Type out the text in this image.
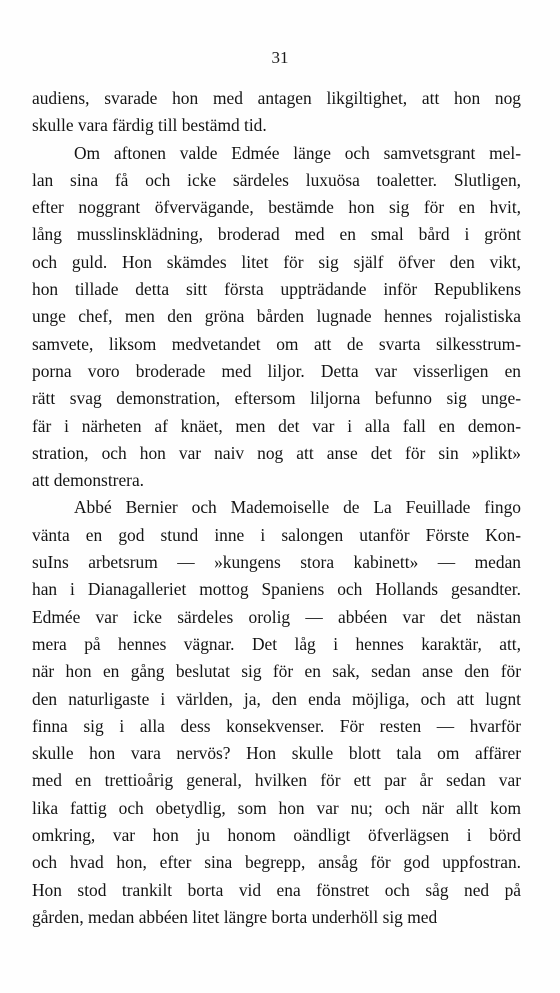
31
audiens, svarade hon med antagen likgiltighet, att hon nog
skulle vara färdig till bestämd tid.
Om aftonen valde Edmée länge och samvetsgrant mel-
lan sina få och icke särdeles luxuösa toaletter. Slutligen,
efter noggrant öfvervägande, bestämde hon sig för en hvit,
lång musslinsklädning, broderad med en smal bård i grönt
och guld. Hon skämdes litet för sig själf öfver den vikt,
hon tillade detta sitt första uppträdande inför Republikens
unge chef, men den gröna bården lugnade hennes rojalistiska
samvete, liksom medvetandet om att de svarta silkesstrum-
porna voro broderade med liljor. Detta var visserligen en
rätt svag demonstration, eftersom liljorna befunno sig unge-
fär i närheten af knäet, men det var i alla fall en demon-
stration, och hon var naiv nog att anse det för sin »plikt»
att demonstrera.
Abbé Bernier och Mademoiselle de La Feuillade fingo
vänta en god stund inne i salongen utanför Förste Kon-
suIns arbetsrum — »kungens stora kabinett» — medan
han i Dianagalleriet mottog Spaniens och Hollands gesandter.
Edmée var icke särdeles orolig — abbéen var det nästan
mera på hennes vägnar. Det låg i hennes karaktär, att,
när hon en gång beslutat sig för en sak, sedan anse den för
den naturligaste i världen, ja, den enda möjliga, och att lugnt
finna sig i alla dess konsekvenser. För resten — hvarför
skulle hon vara nervös? Hon skulle blott tala om affärer
med en trettioårig general, hvilken för ett par år sedan var
lika fattig och obetydlig, som hon var nu; och när allt kom
omkring, var hon ju honom oändligt öfverlägsen i börd
och hvad hon, efter sina begrepp, ansåg för god uppfostran.
Hon stod trankilt borta vid ena fönstret och såg ned på
gården, medan abbéen litet längre borta underhöll sig med
